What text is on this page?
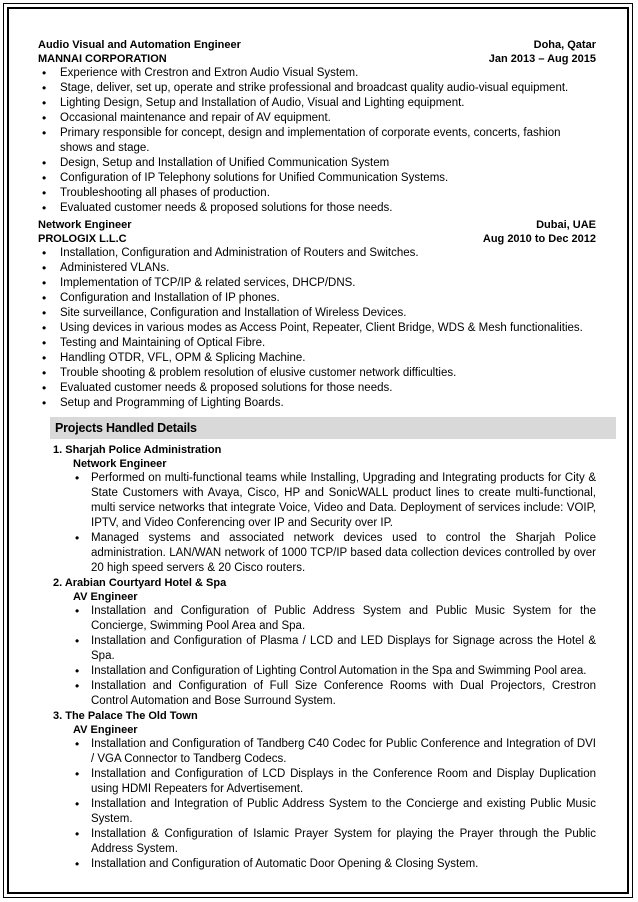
Audio Visual and Automation Engineer	Doha, Qatar
MANNAI CORPORATION	Jan 2013 – Aug 2015
• Experience with Crestron and Extron Audio Visual System.
• Stage, deliver, set up, operate and strike professional and broadcast quality audio-visual equipment.
• Lighting Design, Setup and Installation of Audio, Visual and Lighting equipment.
• Occasional maintenance and repair of AV equipment.
• Primary responsible for concept, design and implementation of corporate events, concerts, fashion shows and stage.
• Design, Setup and Installation of Unified Communication System
• Configuration of IP Telephony solutions for Unified Communication Systems.
• Troubleshooting all phases of production.
• Evaluated customer needs & proposed solutions for those needs.
Network Engineer	Dubai, UAE
PROLOGIX L.L.C	Aug 2010 to Dec 2012
• Installation, Configuration and Administration of Routers and Switches.
• Administered VLANs.
• Implementation of TCP/IP & related services, DHCP/DNS.
• Configuration and Installation of IP phones.
• Site surveillance, Configuration and Installation of Wireless Devices.
• Using devices in various modes as Access Point, Repeater, Client Bridge, WDS & Mesh functionalities.
• Testing and Maintaining of Optical Fibre.
• Handling OTDR, VFL, OPM & Splicing Machine.
• Trouble shooting & problem resolution of elusive customer network difficulties.
• Evaluated customer needs & proposed solutions for those needs.
• Setup and Programming of Lighting Boards.
Projects Handled Details
1. Sharjah Police Administration
Network Engineer
• Performed on multi-functional teams while Installing, Upgrading and Integrating products for City & State Customers with Avaya, Cisco, HP and SonicWALL product lines to create multi-functional, multi service networks that integrate Voice, Video and Data. Deployment of services include: VOIP, IPTV, and Video Conferencing over IP and Security over IP.
• Managed systems and associated network devices used to control the Sharjah Police administration. LAN/WAN network of 1000 TCP/IP based data collection devices controlled by over 20 high speed servers & 20 Cisco routers.
2. Arabian Courtyard Hotel & Spa
AV Engineer
• Installation and Configuration of Public Address System and Public Music System for the Concierge, Swimming Pool Area and Spa.
• Installation and Configuration of Plasma / LCD and LED Displays for Signage across the Hotel & Spa.
• Installation and Configuration of Lighting Control Automation in the Spa and Swimming Pool area.
• Installation and Configuration of Full Size Conference Rooms with Dual Projectors, Crestron Control Automation and Bose Surround System.
3. The Palace The Old Town
AV Engineer
• Installation and Configuration of Tandberg C40 Codec for Public Conference and Integration of DVI / VGA Connector to Tandberg Codecs.
• Installation and Configuration of LCD Displays in the Conference Room and Display Duplication using HDMI Repeaters for Advertisement.
• Installation and Integration of Public Address System to the Concierge and existing Public Music System.
• Installation & Configuration of Islamic Prayer System for playing the Prayer through the Public Address System.
• Installation and Configuration of Automatic Door Opening & Closing System.
